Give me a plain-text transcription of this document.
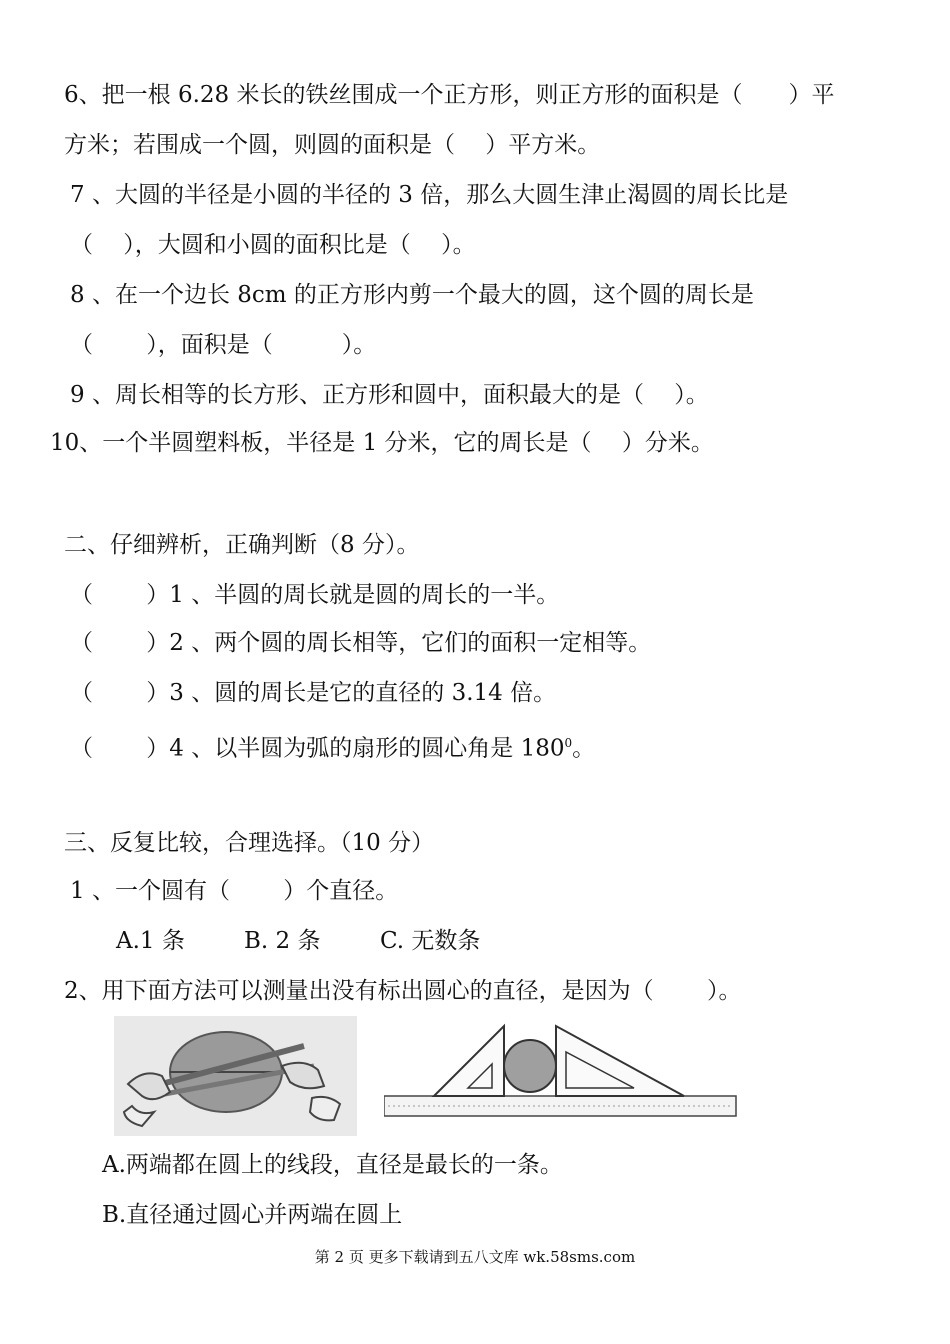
6、把一根 6.28 米长的铁丝围成一个正方形，则正方形的面积是（　　）平
方米；若围成一个圆，则圆的面积是（　 ）平方米。
7 、大圆的半径是小圆的半径的 3 倍，那么大圆生津止渴圆的周长比是
（　 ），大圆和小圆的面积比是（　 ）。
8 、在一个边长 8cm 的正方形内剪一个最大的圆，这个圆的周长是
（　　 ），面积是（　　　）。
9 、周长相等的长方形、正方形和圆中，面积最大的是（　 ）。
10、一个半圆塑料板，半径是 1 分米，它的周长是（　 ）分米。
二、仔细辨析，正确判断（8 分）。
（　　 ）1 、半圆的周长就是圆的周长的一半。
（　　 ）2 、两个圆的周长相等，它们的面积一定相等。
（　　 ）3 、圆的周长是它的直径的 3.14 倍。
（　　 ）4 、以半圆为弧的扇形的圆心角是 $180^0$。
三、反复比较，合理选择。（10 分）
1 、一个圆有（　　 ）个直径。
A.1 条	B. 2 条	C. 无数条
2、用下面方法可以测量出没有标出圆心的直径，是因为（　　 ）。
A.两端都在圆上的线段，直径是最长的一条。
B.直径通过圆心并两端在圆上
第 2 页 更多下载请到五八文库 wk.58sms.com
